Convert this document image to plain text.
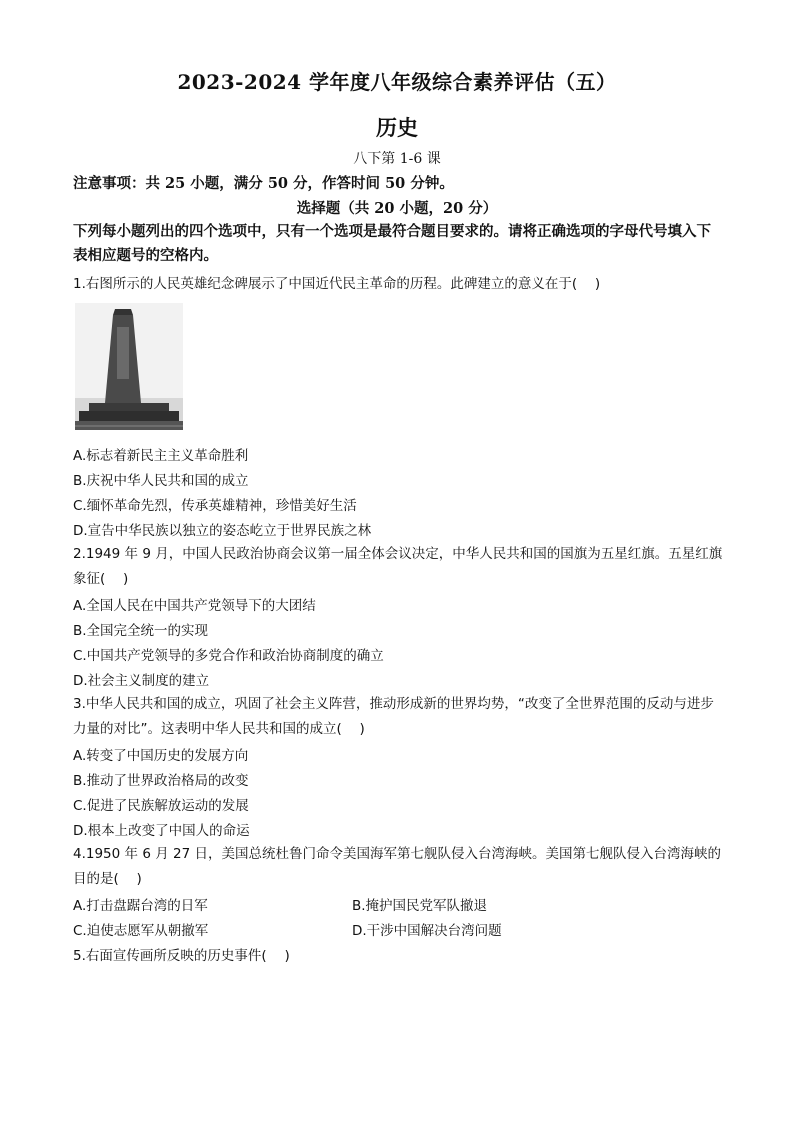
2023-2024 学年度八年级综合素养评估（五）
历史
八下第 1-6 课
注意事项：共 25 小题，满分 50 分，作答时间 50 分钟。
选择题（共 20 小题，20 分）
下列每小题列出的四个选项中，只有一个选项是最符合题目要求的。请将正确选项的字母代号填入下表相应题号的空格内。
1.右图所示的人民英雄纪念碑展示了中国近代民主革命的历程。此碑建立的意义在于(　 )
A.标志着新民主主义革命胜利
B.庆祝中华人民共和国的成立
C.缅怀革命先烈，传承英雄精神，珍惜美好生活
D.宣告中华民族以独立的姿态屹立于世界民族之林
2.1949 年 9 月，中国人民政治协商会议第一届全体会议决定，中华人民共和国的国旗为五星红旗。五星红旗象征(　 )
A.全国人民在中国共产党领导下的大团结
B.全国完全统一的实现
C.中国共产党领导的多党合作和政治协商制度的确立
D.社会主义制度的建立
3.中华人民共和国的成立，巩固了社会主义阵营，推动形成新的世界均势，“改变了全世界范围的反动与进步力量的对比”。这表明中华人民共和国的成立(　 )
A.转变了中国历史的发展方向
B.推动了世界政治格局的改变
C.促进了民族解放运动的发展
D.根本上改变了中国人的命运
4.1950 年 6 月 27 日，美国总统杜鲁门命令美国海军第七舰队侵入台湾海峡。美国第七舰队侵入台湾海峡的目的是(　 )
A.打击盘踞台湾的日军	B.掩护国民党军队撤退
C.迫使志愿军从朝撤军	D.干涉中国解决台湾问题
5.右面宣传画所反映的历史事件(　 )
